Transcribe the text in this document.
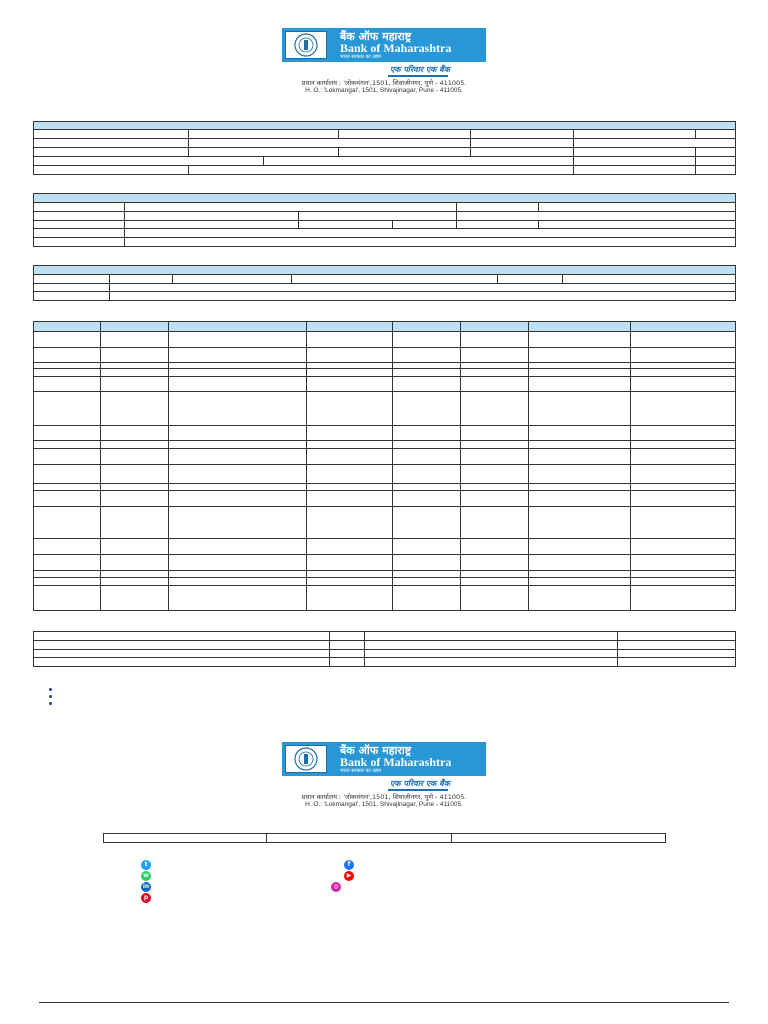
बैंक ऑफ महाराष्ट्र
Bank of Maharashtra
भारत सरकार का उद्यम
एक परिवार एक बैंक
प्रधान कार्यालय : 'लोकमंगल',1501, शिवाजीनगर, पुणे - 411005.
H. O.: 'Lokmangal', 1501, Shivajinagar, Pune - 411005.

बैंक ऑफ महाराष्ट्र
Bank of Maharashtra
भारत सरकार का उद्यम
एक परिवार एक बैंक
प्रधान कार्यालय : 'लोकमंगल',1501, शिवाजीनगर, पुणे - 411005.
H. O.: 'Lokmangal', 1501, Shivajinagar, Pune - 411005.

t
w
in
p
f
▶
◎
